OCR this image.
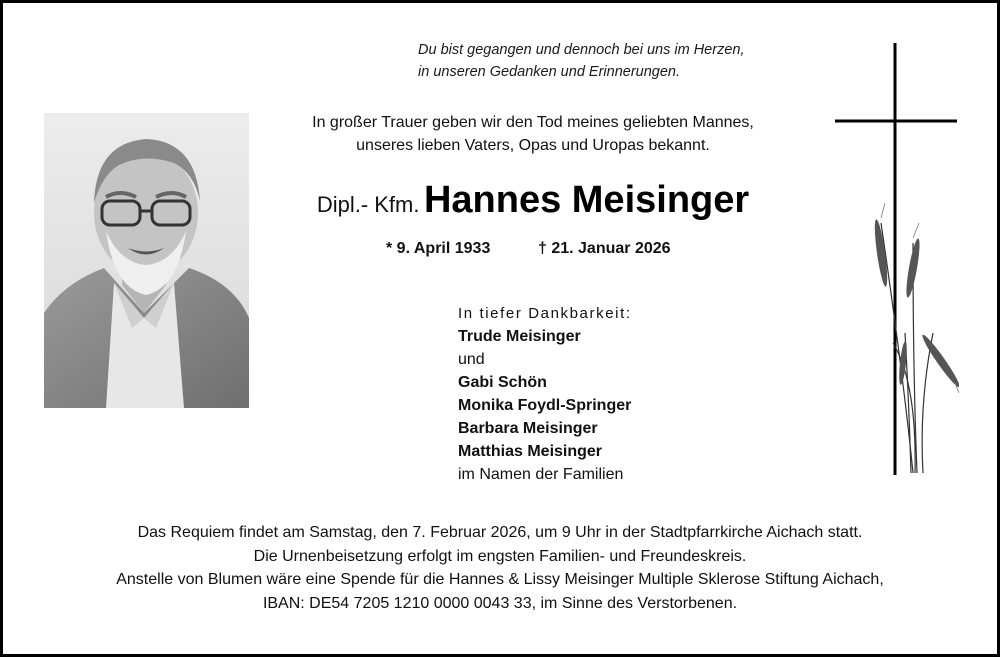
Du bist gegangen und dennoch bei uns im Herzen,
in unseren Gedanken und Erinnerungen.
In großer Trauer geben wir den Tod meines geliebten Mannes,
unseres lieben Vaters, Opas und Uropas bekannt.
Dipl.- Kfm. Hannes Meisinger
* 9. April 1933	† 21. Januar 2026
In tiefer Dankbarkeit:
Trude Meisinger
und
Gabi Schön
Monika Foydl-Springer
Barbara Meisinger
Matthias Meisinger
im Namen der Familien
Das Requiem findet am Samstag, den 7. Februar 2026, um 9 Uhr in der Stadtpfarrkirche Aichach statt.
Die Urnenbeisetzung erfolgt im engsten Familien- und Freundeskreis.
Anstelle von Blumen wäre eine Spende für die Hannes & Lissy Meisinger Multiple Sklerose Stiftung Aichach,
IBAN: DE54 7205 1210 0000 0043 33, im Sinne des Verstorbenen.
